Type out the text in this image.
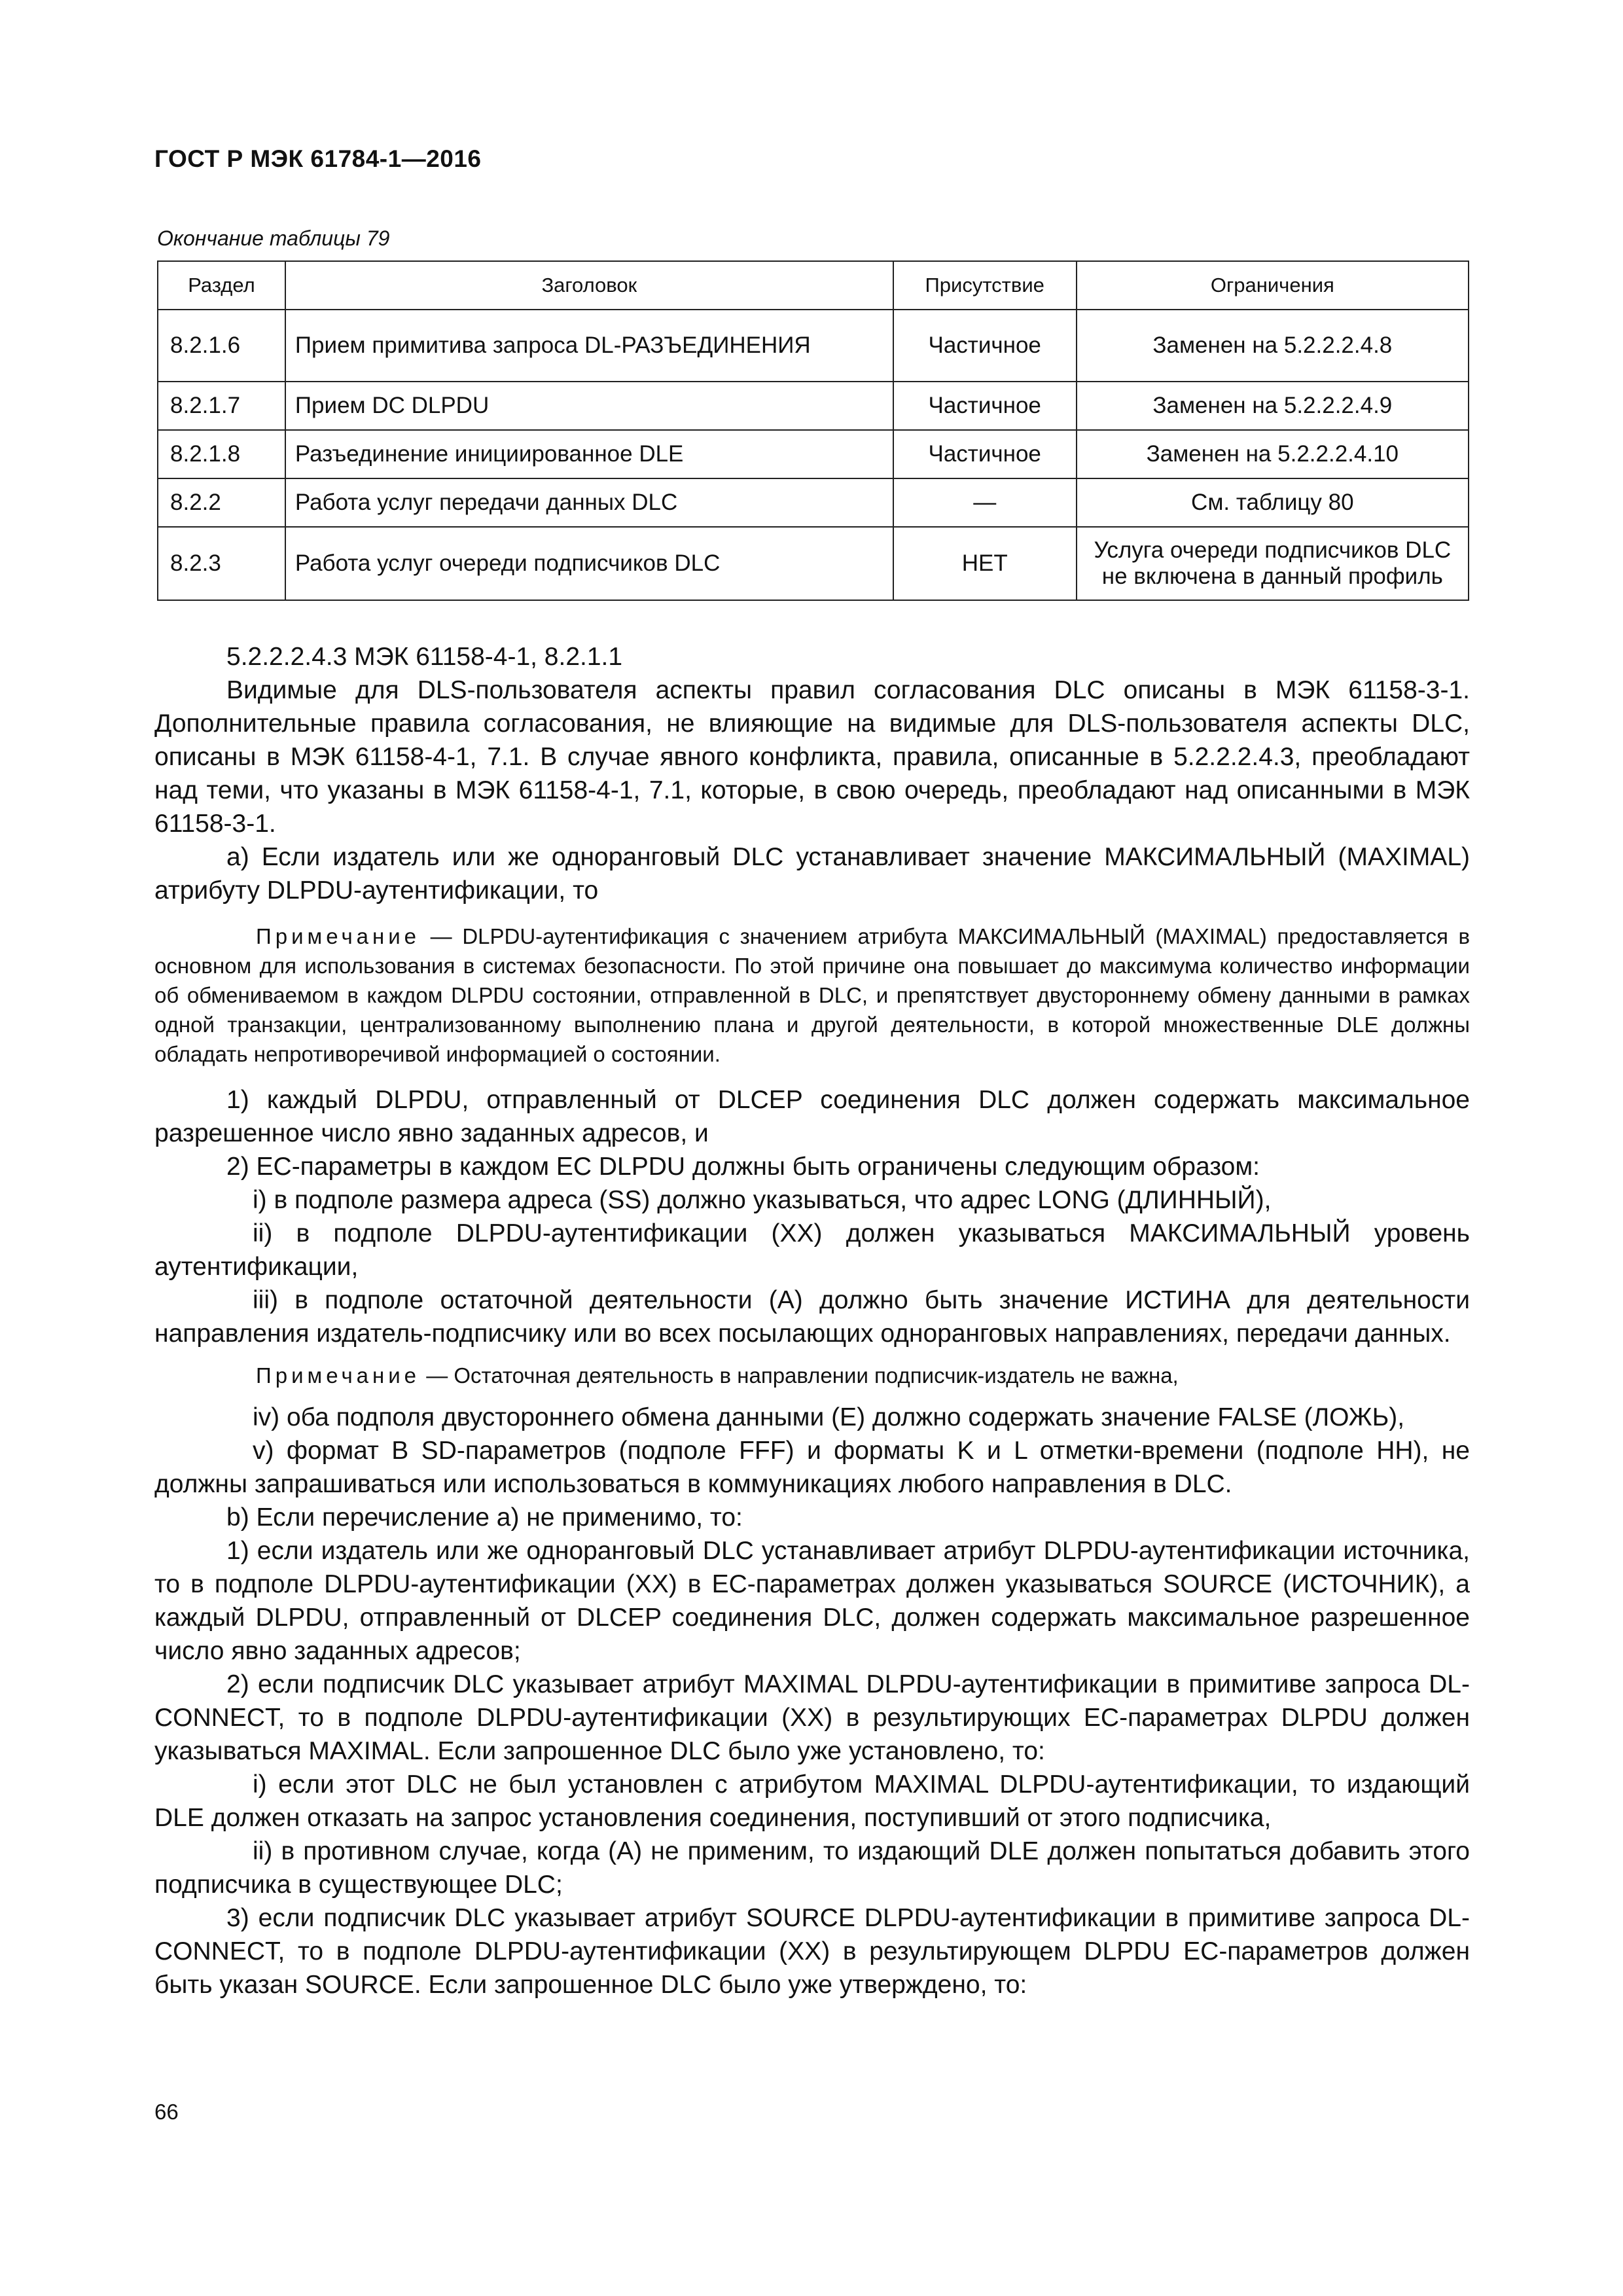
ГОСТ Р МЭК 61784-1—2016
Окончание таблицы 79
Раздел	Заголовок	Присутствие	Ограничения
8.2.1.6	Прием примитива запроса DL-РАЗЪЕДИНЕНИЯ	Частичное	Заменен на 5.2.2.2.4.8
8.2.1.7	Прием DC DLPDU	Частичное	Заменен на 5.2.2.2.4.9
8.2.1.8	Разъединение инициированное DLE	Частичное	Заменен на 5.2.2.2.4.10
8.2.2	Работа услуг передачи данных DLC	—	См. таблицу 80
8.2.3	Работа услуг очереди подписчиков DLC	НЕТ	Услуга очереди подписчиков DLC не включена в данный профиль

5.2.2.2.4.3 МЭК 61158-4-1, 8.2.1.1

Видимые для DLS-пользователя аспекты правил согласования DLC описаны в МЭК 61158-3-1. Дополнительные правила согласования, не влияющие на видимые для DLS-пользователя аспекты DLC, описаны в МЭК 61158-4-1, 7.1. В случае явного конфликта, правила, описанные в 5.2.2.2.4.3, преобладают над теми, что указаны в МЭК 61158-4-1, 7.1, которые, в свою очередь, преобладают над описанными в МЭК 61158-3-1.

а) Если издатель или же одноранговый DLC устанавливает значение МАКСИМАЛЬНЫЙ (MAXIMAL) атрибуту DLPDU-аутентификации, то

Примечание — DLPDU-аутентификация с значением атрибута МАКСИМАЛЬНЫЙ (MAXIMAL) предоставляется в основном для использования в системах безопасности. По этой причине она повышает до максимума количество информации об обмениваемом в каждом DLPDU состоянии, отправленной в DLC, и препятствует двустороннему обмену данными в рамках одной транзакции, централизованному выполнению плана и другой деятельности, в которой множественные DLE должны обладать непротиворечивой информацией о состоянии.

1) каждый DLPDU, отправленный от DLCEP соединения DLC должен содержать максимальное разрешенное число явно заданных адресов, и

2) ЕС-параметры в каждом ЕС DLPDU должны быть ограничены следующим образом:

i) в подполе размера адреса (SS) должно указываться, что адрес LONG (ДЛИННЫЙ),

ii) в подполе DLPDU-аутентификации (XX) должен указываться МАКСИМАЛЬНЫЙ уровень аутентификации,

iii) в подполе остаточной деятельности (А) должно быть значение ИСТИНА для деятельности направления издатель-подписчику или во всех посылающих одноранговых направлениях, передачи данных.

Примечание — Остаточная деятельность в направлении подписчик-издатель не важна,

iv) оба подполя двустороннего обмена данными (Е) должно содержать значение FALSE (ЛОЖЬ),

v) формат В SD-параметров (подполе FFF) и форматы K и L отметки-времени (подполе НН), не должны запрашиваться или использоваться в коммуникациях любого направления в DLC.

b) Если перечисление а) не применимо, то:

1) если издатель или же одноранговый DLC устанавливает атрибут DLPDU-аутентификации источника, то в подполе DLPDU-аутентификации (XX) в ЕС-параметрах должен указываться SOURCE (ИСТОЧНИК), а каждый DLPDU, отправленный от DLCEP соединения DLC, должен содержать максимальное разрешенное число явно заданных адресов;

2) если подписчик DLC указывает атрибут MAXIMAL DLPDU-аутентификации в примитиве запроса DL-CONNECT, то в подполе DLPDU-аутентификации (XX) в результирующих ЕС-параметрах DLPDU должен указываться MAXIMAL. Если запрошенное DLC было уже установлено, то:

i) если этот DLC не был установлен с атрибутом MAXIMAL DLPDU-аутентификации, то издающий DLE должен отказать на запрос установления соединения, поступивший от этого подписчика,

ii) в противном случае, когда (А) не применим, то издающий DLE должен попытаться добавить этого подписчика в существующее DLC;

3) если подписчик DLC указывает атрибут SOURCE DLPDU-аутентификации в примитиве запроса DL-CONNECT, то в подполе DLPDU-аутентификации (XX) в результирующем DLPDU ЕС-параметров должен быть указан SOURCE. Если запрошенное DLC было уже утверждено, то:

66
